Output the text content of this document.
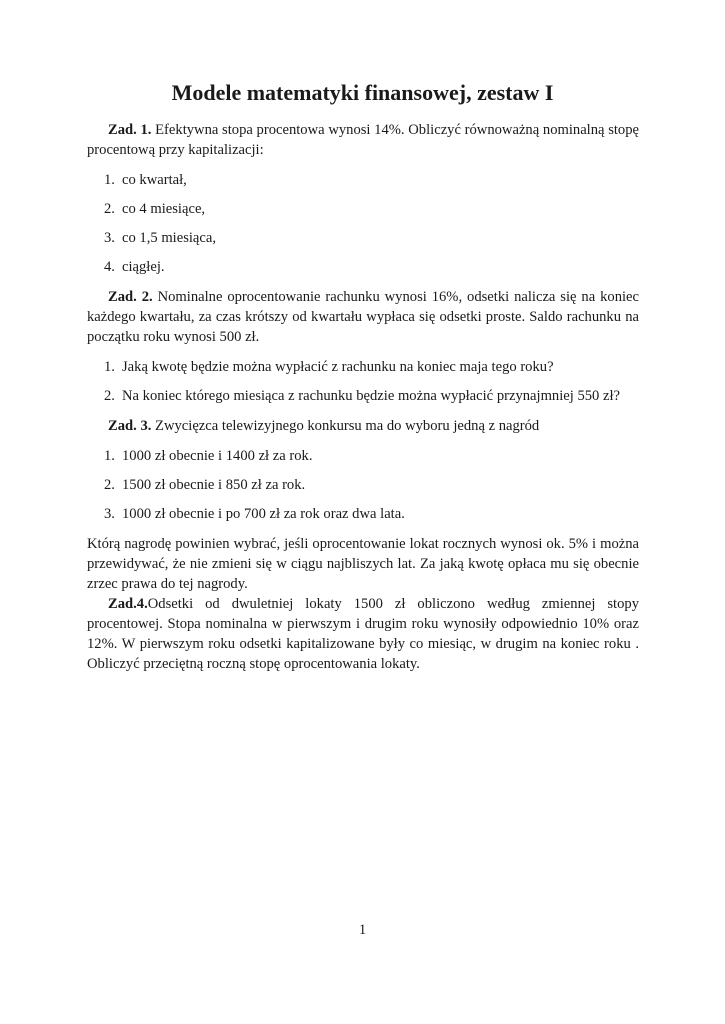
Modele matematyki finansowej, zestaw I

Zad. 1. Efektywna stopa procentowa wynosi 14%. Obliczyć równoważną nominalną stopę procentową przy kapitalizacji:

1. co kwartał,
2. co 4 miesiące,
3. co 1,5 miesiąca,
4. ciągłej.

Zad. 2. Nominalne oprocentowanie rachunku wynosi 16%, odsetki nalicza się na koniec każdego kwartału, za czas krótszy od kwartału wypłaca się odsetki proste. Saldo rachunku na początku roku wynosi 500 zł.

1. Jaką kwotę będzie można wypłacić z rachunku na koniec maja tego roku?
2. Na koniec którego miesiąca z rachunku będzie można wypłacić przynajmniej 550 zł?

Zad. 3. Zwycięzca telewizyjnego konkursu ma do wyboru jedną z nagród

1. 1000 zł obecnie i 1400 zł za rok.
2. 1500 zł obecnie i 850 zł za rok.
3. 1000 zł obecnie i po 700 zł za rok oraz dwa lata.

Którą nagrodę powinien wybrać, jeśli oprocentowanie lokat rocznych wynosi ok. 5% i można przewidywać, że nie zmieni się w ciągu najbliszych lat. Za jaką kwotę opłaca mu się obecnie zrzec prawa do tej nagrody.

Zad.4.Odsetki od dwuletniej lokaty 1500 zł obliczono według zmiennej stopy procentowej. Stopa nominalna w pierwszym i drugim roku wynosiły odpowiednio 10% oraz 12%. W pierwszym roku odsetki kapitalizowane były co miesiąc, w drugim na koniec roku . Obliczyć przeciętną roczną stopę oprocentowania lokaty.

1
